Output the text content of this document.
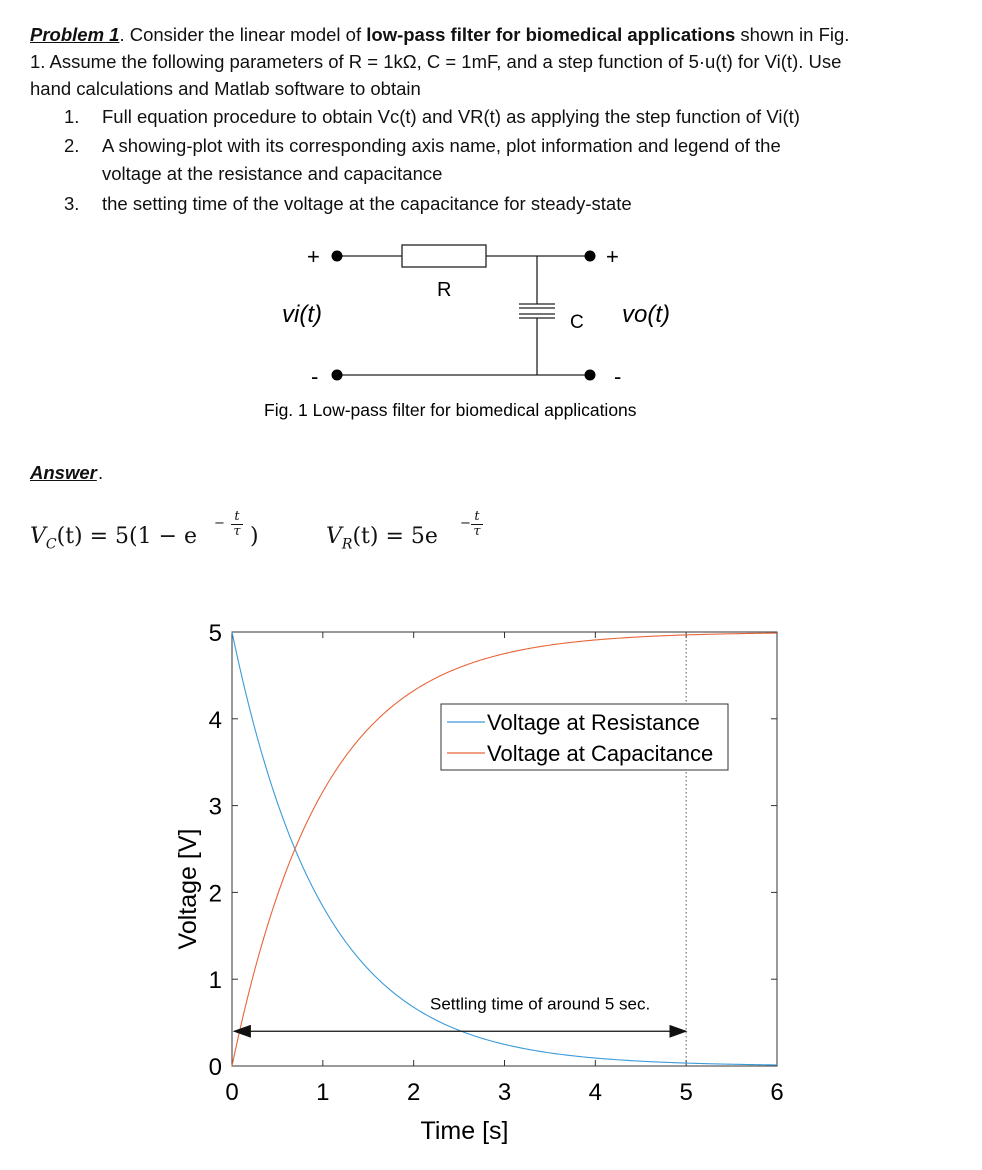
Problem 1. Consider the linear model of low-pass filter for biomedical applications shown in Fig.
1. Assume the following parameters of R = 1kΩ, C = 1mF, and a step function of 5·u(t) for Vi(t). Use
hand calculations and Matlab software to obtain
1. Full equation procedure to obtain Vc(t) and VR(t) as applying the step function of Vi(t)
2. A showing-plot with its corresponding axis name, plot information and legend of the
voltage at the resistance and capacitance
3. the setting time of the voltage at the capacitance for steady-state
+	+
-	-
R
C
vi(t)	vo(t)
Fig. 1 Low-pass filter for biomedical applications
Answer .
$V_C(t) = 5(1 - e$
− t
τ )	$V_R(t) = 5e$
− t
τ
0	1	2	3	4	5	6
0
1
2
3
4
5
Settling time of around 5 sec.
Voltage at Resistance
Voltage at Capacitance
Time [s]
Voltage [V]
